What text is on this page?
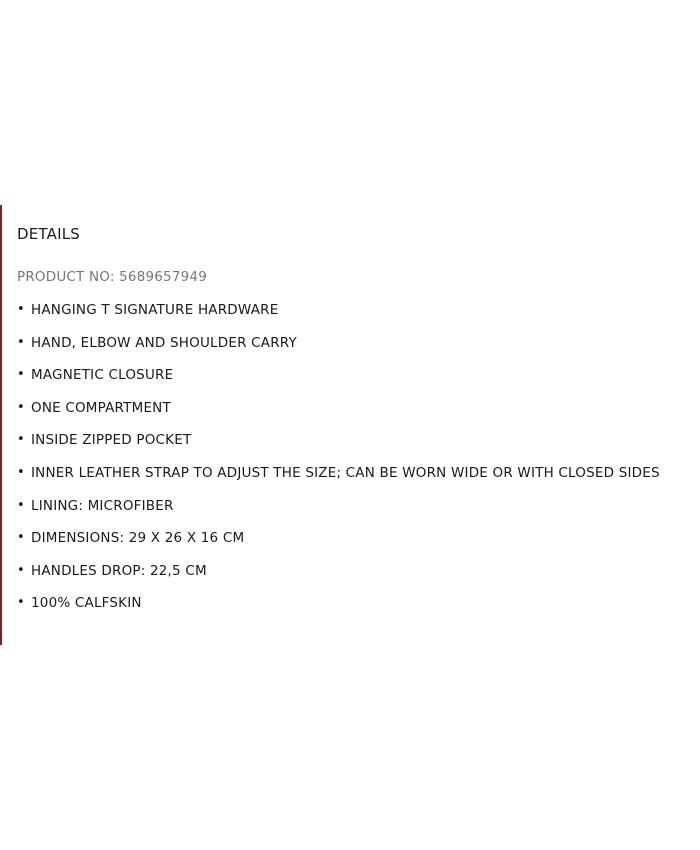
DETAILS
PRODUCT NO: 5689657949
• HANGING T SIGNATURE HARDWARE
• HAND, ELBOW AND SHOULDER CARRY
• MAGNETIC CLOSURE
• ONE COMPARTMENT
• INSIDE ZIPPED POCKET
• INNER LEATHER STRAP TO ADJUST THE SIZE; CAN BE WORN WIDE OR WITH CLOSED SIDES
• LINING: MICROFIBER
• DIMENSIONS: 29 X 26 X 16 CM
• HANDLES DROP: 22,5 CM
• 100% CALFSKIN
